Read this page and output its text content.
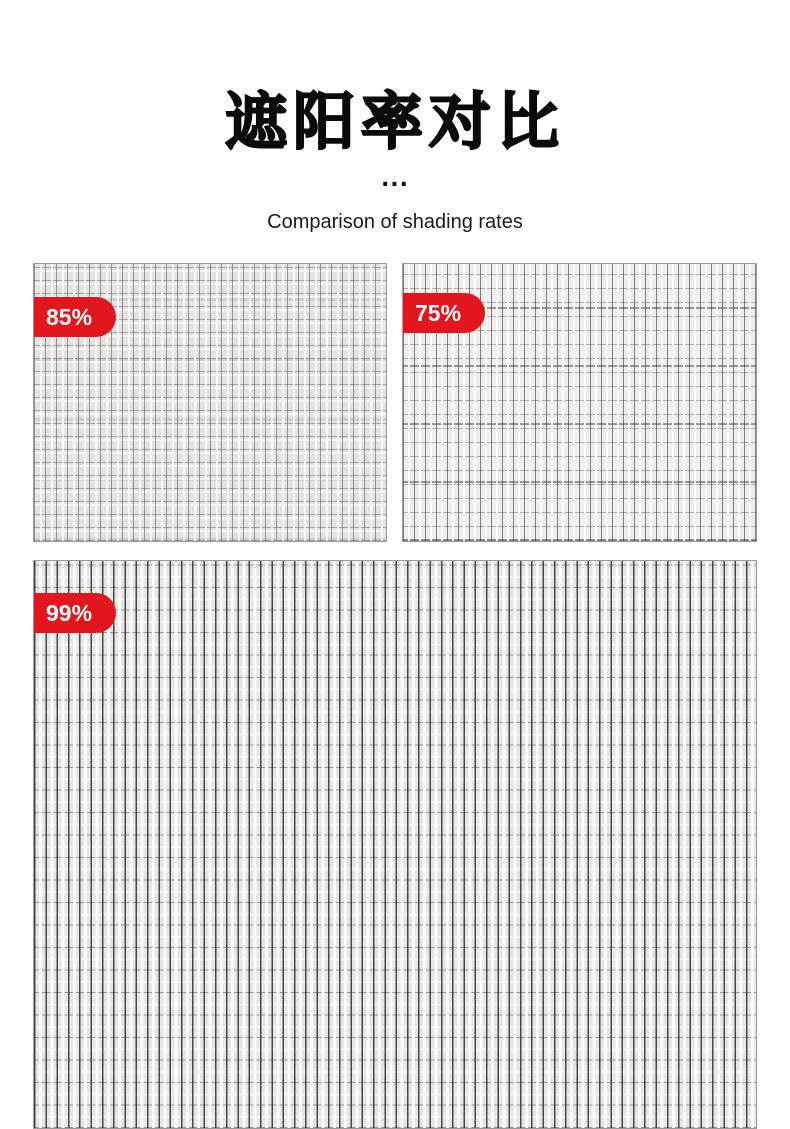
遮阳率对比
...
Comparison of shading rates
85%	75%
99%
